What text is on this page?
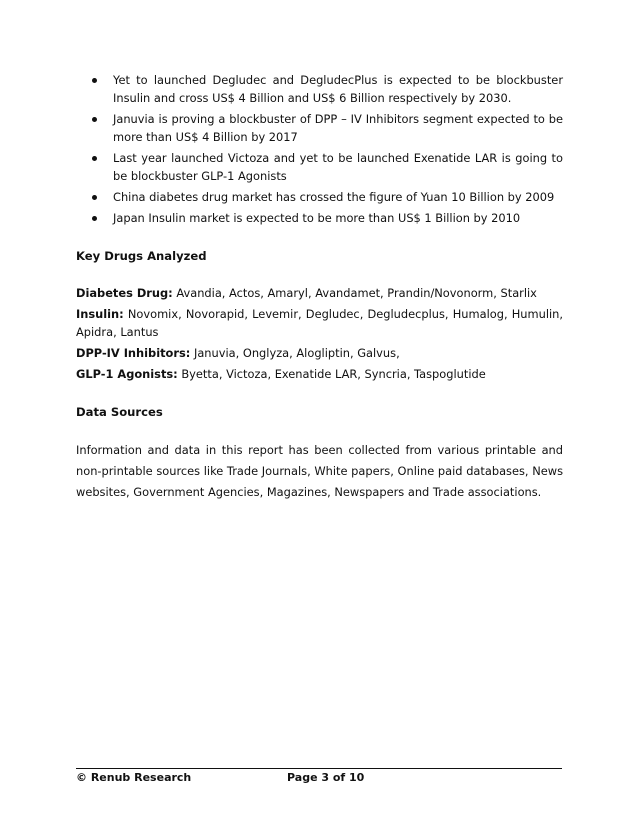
Yet to launched Degludec and DegludecPlus is expected to be blockbuster Insulin and cross US$ 4 Billion and US$ 6 Billion respectively by 2030.
Januvia is proving a blockbuster of DPP – IV Inhibitors segment expected to be more than US$ 4 Billion by 2017
Last year launched Victoza and yet to be launched Exenatide LAR is going to be blockbuster GLP-1 Agonists
China diabetes drug market has crossed the figure of Yuan 10 Billion by 2009
Japan Insulin market is expected to be more than US$ 1 Billion by 2010
Key Drugs Analyzed
Diabetes Drug: Avandia, Actos, Amaryl, Avandamet, Prandin/Novonorm, Starlix
Insulin: Novomix, Novorapid, Levemir, Degludec, Degludecplus, Humalog, Humulin, Apidra, Lantus
DPP-IV Inhibitors: Januvia, Onglyza, Alogliptin, Galvus,
GLP-1 Agonists: Byetta, Victoza, Exenatide LAR, Syncria, Taspoglutide
Data Sources
Information and data in this report has been collected from various printable and non-printable sources like Trade Journals, White papers, Online paid databases, News websites, Government Agencies, Magazines, Newspapers and Trade associations.
© Renub Research	Page 3 of 10
